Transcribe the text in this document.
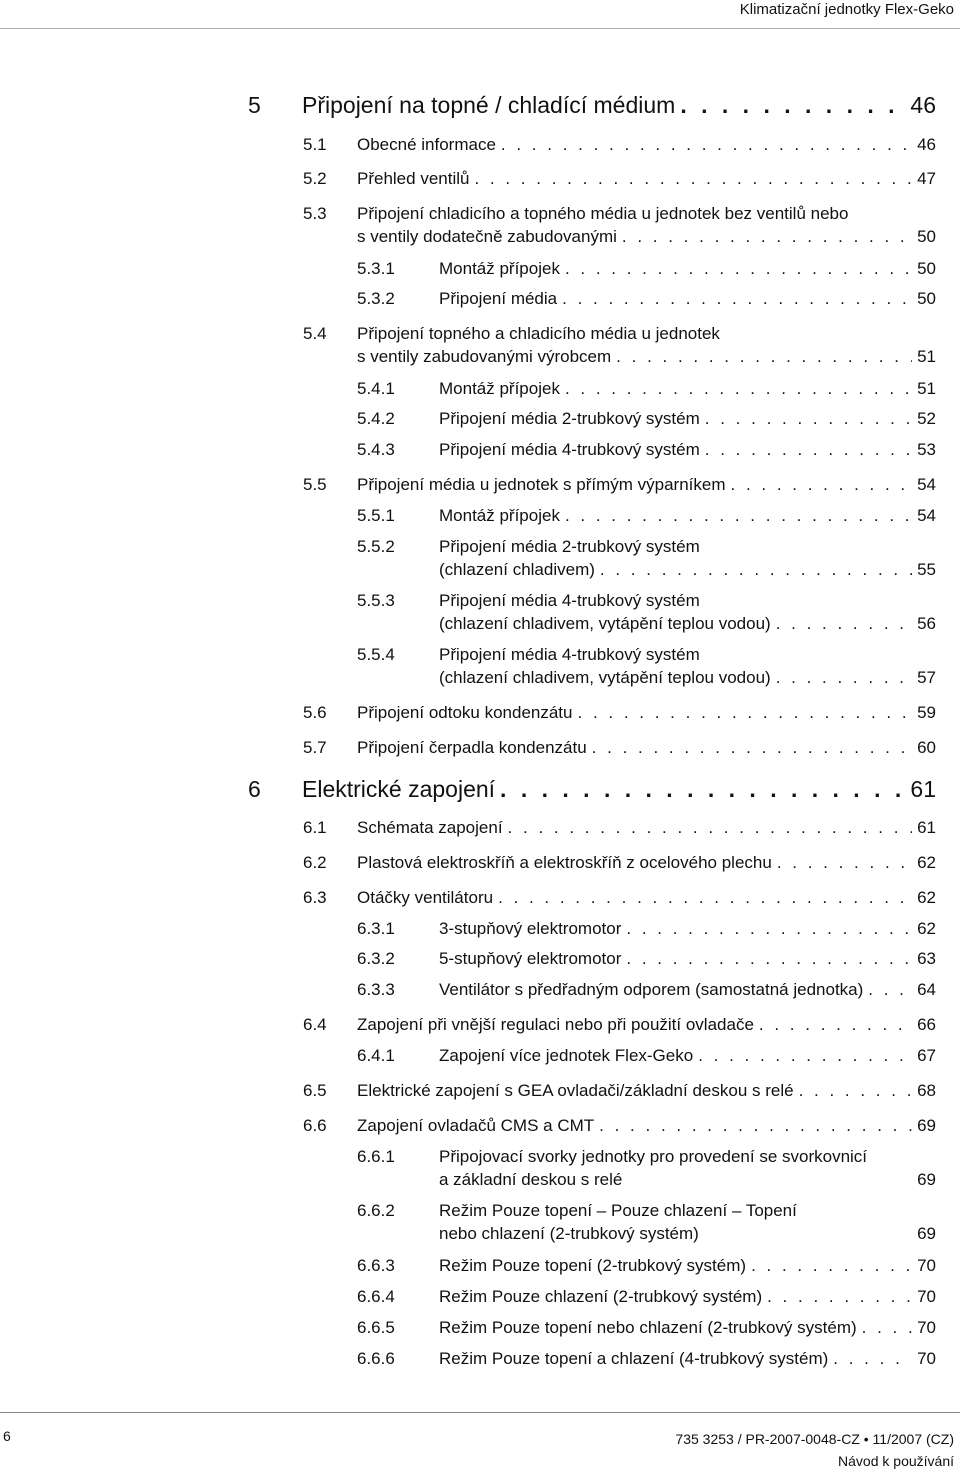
Klimatizační jednotky Flex-Geko
5 Připojení na topné / chladící médium . . .	46
5.1 Obecné informace . . .	46
5.2 Přehled ventilů . . .	47
5.3 Připojení chladicího a topného média u jednotek bez ventilů nebo
s ventily dodatečně zabudovanými . . .	50
5.3.1	Montáž přípojek . . .	50
5.3.2	Připojení média . . .	50
5.4 Připojení topného a chladicího média u jednotek
s ventily zabudovanými výrobcem . . .	51
5.4.1	Montáž přípojek . . .	51
5.4.2	Připojení média 2-trubkový systém . . .	52
5.4.3	Připojení média 4-trubkový systém . . .	53
5.5 Připojení média u jednotek s přímým výparníkem . . .	54
5.5.1	Montáž přípojek . . .	54
5.5.2	Připojení média 2-trubkový systém
(chlazení chladivem) . . .	55
5.5.3	Připojení média 4-trubkový systém
(chlazení chladivem, vytápění teplou vodou) . . .	56
5.5.4	Připojení média 4-trubkový systém
(chlazení chladivem, vytápění teplou vodou) . . .	57
5.6 Připojení odtoku kondenzátu . . .	59
5.7 Připojení čerpadla kondenzátu . . .	60
6 Elektrické zapojení . . .	61
6.1 Schémata zapojení . . .	61
6.2 Plastová elektroskříň a elektroskříň z ocelového plechu . . .	62
6.3 Otáčky ventilátoru . . .	62
6.3.1	3-stupňový elektromotor . . .	62
6.3.2	5-stupňový elektromotor . . .	63
6.3.3	Ventilátor s předřadným odporem (samostatná jednotka) . . .	64
6.4 Zapojení při vnější regulaci nebo při použití ovladače . . .	66
6.4.1	Zapojení více jednotek Flex-Geko . . .	67
6.5 Elektrické zapojení s GEA ovladači/základní deskou s relé . . .	68
6.6 Zapojení ovladačů CMS a CMT . . .	69
6.6.1	Připojovací svorky jednotky pro provedení se svorkovnicí
a základní deskou s relé	69
6.6.2	Režim Pouze topení – Pouze chlazení – Topení
nebo chlazení (2-trubkový systém)	69
6.6.3	Režim Pouze topení (2-trubkový systém) . . .	70
6.6.4	Režim Pouze chlazení (2-trubkový systém) . . .	70
6.6.5	Režim Pouze topení nebo chlazení (2-trubkový systém) . . .	70
6.6.6	Režim Pouze topení a chlazení (4-trubkový systém) . . .	70
6	735 3253 / PR-2007-0048-CZ • 11/2007 (CZ)
Návod k používání
